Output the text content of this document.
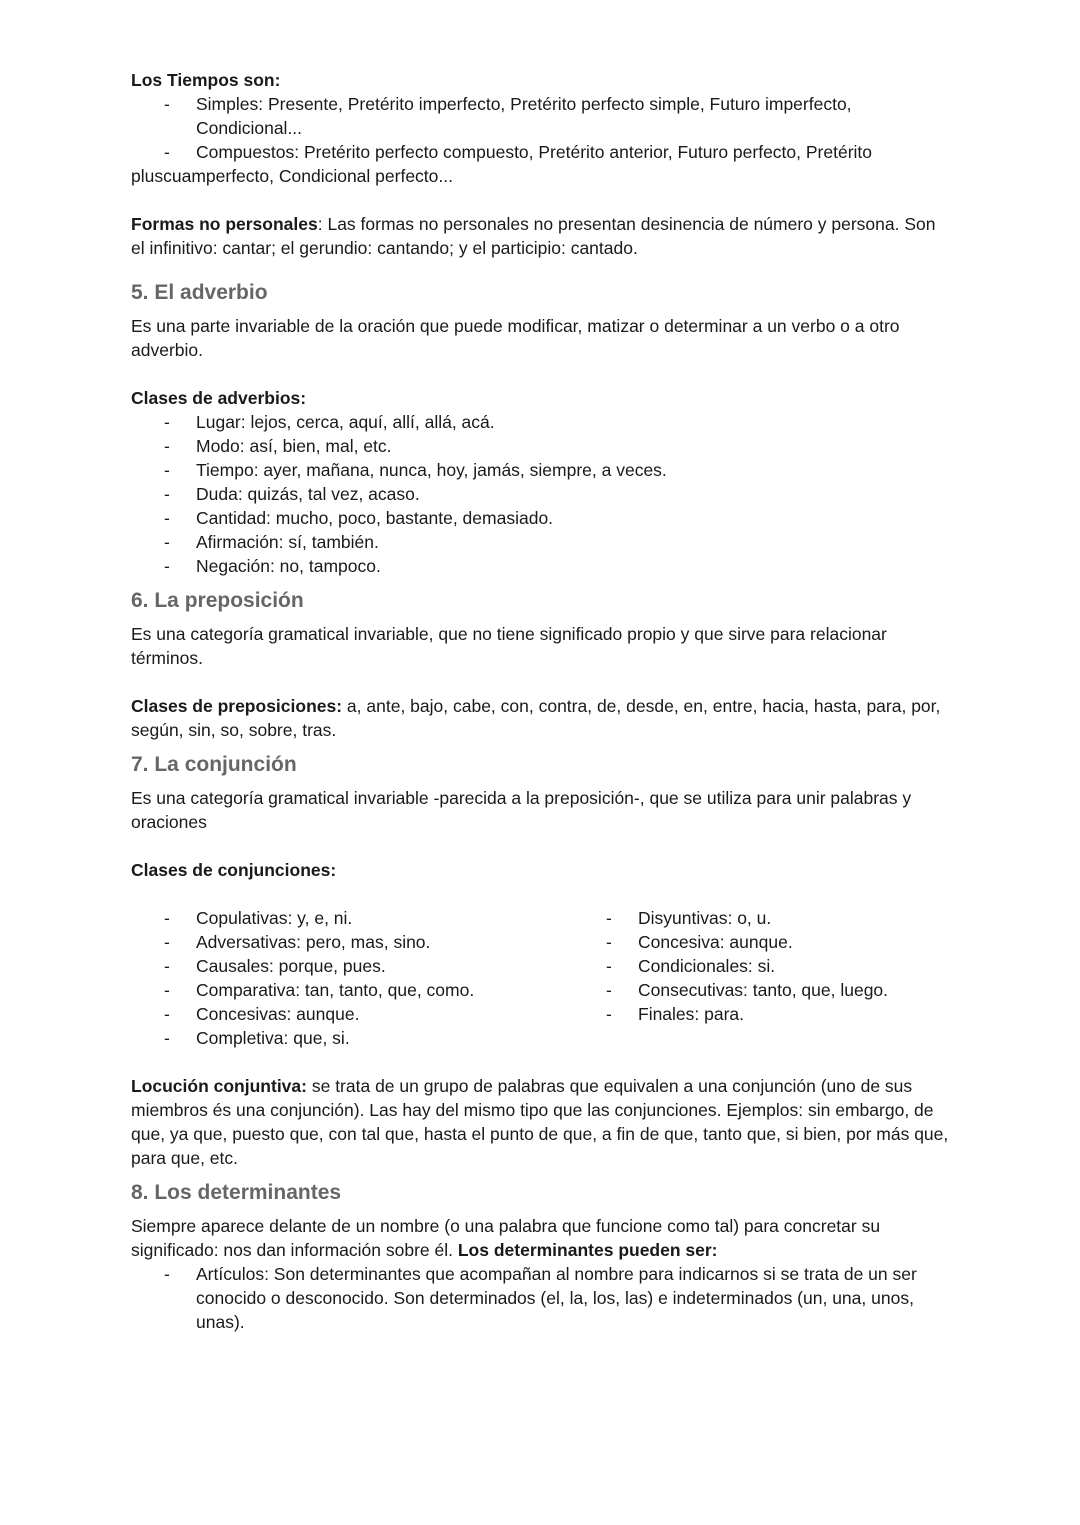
Los Tiempos son:

- Simples: Presente, Pretérito imperfecto, Pretérito perfecto simple, Futuro imperfecto, Condicional...
- Compuestos: Pretérito perfecto compuesto, Pretérito anterior, Futuro perfecto, Pretérito

pluscuamperfecto, Condicional perfecto...

Formas no personales: Las formas no personales no presentan desinencia de número y persona. Son el infinitivo: cantar; el gerundio: cantando; y el participio: cantado.

5. El adverbio

Es una parte invariable de la oración que puede modificar, matizar o determinar a un verbo o a otro adverbio.

Clases de adverbios:

- Lugar: lejos, cerca, aquí, allí, allá, acá.
- Modo: así, bien, mal, etc.
- Tiempo: ayer, mañana, nunca, hoy, jamás, siempre, a veces.
- Duda: quizás, tal vez, acaso.
- Cantidad: mucho, poco, bastante, demasiado.
- Afirmación: sí, también.
- Negación: no, tampoco.
6. La preposición

Es una categoría gramatical invariable, que no tiene significado propio y que sirve para relacionar términos.

Clases de preposiciones: a, ante, bajo, cabe, con, contra, de, desde, en, entre, hacia, hasta, para, por, según, sin, so, sobre, tras.

7. La conjunción

Es una categoría gramatical invariable -parecida a la preposición-, que se utiliza para unir palabras y oraciones

Clases de conjunciones:

- Copulativas: y, e, ni.
- Adversativas: pero, mas, sino.
- Causales: porque, pues.
- Comparativa: tan, tanto, que, como.
- Concesivas: aunque.
- Completiva: que, si.
- Disyuntivas: o, u.
- Concesiva: aunque.
- Condicionales: si.
- Consecutivas: tanto, que, luego.
- Finales: para.

Locución conjuntiva: se trata de un grupo de palabras que equivalen a una conjunción (uno de sus miembros és una conjunción). Las hay del mismo tipo que las conjunciones. Ejemplos: sin embargo, de que, ya que, puesto que, con tal que, hasta el punto de que, a fin de que, tanto que, si bien, por más que, para que, etc.

8. Los determinantes

Siempre aparece delante de un nombre (o una palabra que funcione como tal) para concretar su significado: nos dan información sobre él. Los determinantes pueden ser:

- Artículos: Son determinantes que acompañan al nombre para indicarnos si se trata de un ser conocido o desconocido. Son determinados (el, la, los, las) e indeterminados (un, una, unos, unas).
